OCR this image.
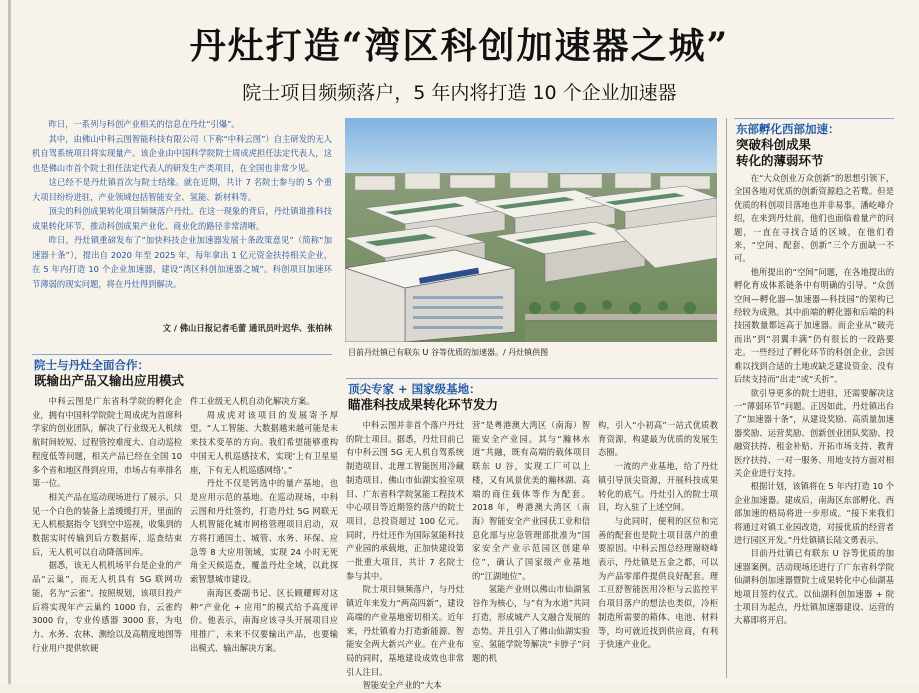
丹灶打造“湾区科创加速器之城”
院士项目频频落户，5 年内将打造 10 个企业加速器

昨日，一系列与科创产业相关的信息在丹灶“引爆”。

其中，由佛山中科云图智能科技有限公司（下称“中科云图”）自主研发的无人机自驾系统项目将实现量产。该企业由中国科学院院士周成虎担任法定代表人，这也是佛山市首个院士担任法定代表人的研发生产类项目，在全国也非常少见。

这已经不是丹灶镇首次与院士结缘。就在近期，共计 7 名院士参与的 5 个重大项目纷纷进驻，产业领域包括智能安全、氢能、新材料等。

顶尖的科创成果转化项目频频落户丹灶。在这一现象的背后，丹灶镇谁推科技成果转化环节，推动科创成果产业化、商业化的路径非常清晰。

昨日，丹灶镇重磅发布了“加快科技企业加速器发展十条政策意见”（简称“加速器十条”），提出自 2020 年至 2025 年，每年拿出 1 亿元资金扶持相关企业，在 5 年内打造 10 个企业加速器，建设“湾区科创加速器之城”。科创项目加速环节薄弱的现实问题，将在丹灶得到解决。

文 / 佛山日报记者毛蕾 通讯员叶迟华、张柏林
目前丹灶镇已有联东 U 谷等优质的加速器。/ 丹灶镇供图
院士与丹灶全面合作：
既输出产品又输出应用模式

中科云图是广东省科学院的孵化企业，拥有中国科学院院士周成虎为首席科学家的创业团队，解决了行业级无人机续航时间较短、过程管控难度大、自动巡检程度低等问题，相关产品已经在全国 10 多个省和地区得到应用，市场占有率排名第一位。

相关产品在巡动现场进行了展示。只见一个白色的装备上盖缓缓打开，里面的无人机根据指令飞到空中巡视，收集到的数据实时传输到后方数据库，巡查结束后，无人机可以自动降落回库。

据悉，该无人机机场平台是企业的产品“云巢”，而无人机具有 5G 联网功能，名为“云雀”。按照规划，该项目投产后将实现年产云巢约 1000 台，云雀约 3000 台，专业传感器 3000 套，为电力、水务、农林、测绘以及高精度地图等行业用户提供软硬

件工业级无人机自动化解决方案。

周成虎对该项目的发展寄予厚望。“人工智能、大数据越来越可能是未来技术变革的方向。我们希望能够重构中国无人机巡感技术，实现‘上有卫星星座，下有无人机巡感网络’。”

丹灶不仅是钙选中的量产基地，也是应用示范的基地。在巡动现场，中科云图和丹灶签约，打造丹灶 5G 网联无人机智能化城市网格管理项目启动，双方将打通国土、城管、水务、环保、应急等 8 大应用领域，实现 24 小时无死角全天候巡查，覆盖丹灶全域，以此探索智慧城市建设。

南海区委副书记、区长顾耀辉对这种“产业化 + 应用”的模式给予高度评价。他表示，南海应该寻头开展项目应用推广，未来不仅要输出产品，也要输出模式、输出解决方案。

顶尖专家 + 国家级基地：
瞄准科技成果转化环节发力

中科云图并非首个落户丹灶的院士项目。据悉，丹灶目前已有中科云图 5G 无人机自驾系统制造项目、北理工智能医用冷藏制造项目、佛山市仙湖实验室项目、广东省科学院氢能工程技术中心项目等近期签约落户的院士项目，总投资超过 100 亿元。同时，丹灶还作为国际氢能科技产业园的承载地，正加快建设第一批重大项目，共计 7 名院士参与其中。

院士项目频频落户，与丹灶镇近年来发力“两高四新”，建设高端的产业基地密切相关。近年来，丹灶镇着力打造新能源、智能安全两大新兴产业。在产业布局的同时，基地建设成效也非常引人注目。

智能安全产业的“大本

营”是粤港澳大湾区（南海）智能安全产业园。其与“瀚林水道”共融，既有高端的载体项目联东 U 谷，实现工厂可以上楼，又有风景优美的瀚林湖、高端的商住载体等作为配套。2018 年，粤港澳大湾区（南海）智能安全产业园获工业和信息化部与应急管理部批准为“国家安全产业示范园区创建单位”，确认了国家级产业基地的“江湖地位”。

氢能产业则以佛山市仙湖氢谷作为核心，与“有为水道”共同打造，形成城产人文融合发展的态势。并且引入了佛山仙湖实验室、氢能学院等解决“卡脖子”问题的机

构，引入“小初高”一站式优质教育资源，构建最为优质的发展生态圈。

一流的产业基地，给了丹灶镇引导顶尖资源，开展科技成果转化的底气。丹灶引入的院士项目，均入驻了上述空间。

与此同时，便利的区位和完善的配套也是院士项目落户的重要原因。中科云图总经理谢晓峰表示，丹灶镇是五金之都，可以为产品零部件提供良好配套。理工亘舒智能医用冷柜与云监控平台项目落户的想法也类似，冷柜制造所需要的箱体、电池、材料等，均可就近找到供应商，有利于快速产业化。

东部孵化西部加速：
突破科创成果
转化的薄弱环节

在“大众创业万众创新”的思想引领下，全国各地对优质的创新资源趋之若鹜。但是优质的科创项目落地也并非易事。潘屹峰介绍，在来到丹灶前，他们也面临着量产的问题，一直在寻找合适的区域，在他们看来，“空间、配套、创新”三个方面缺一不可。

他所提出的“空间”问题，在各地提出的孵化育成体系链条中有明确的引导。“众创空间—孵化器—加速器—科技园”的架构已经较为成熟。其中前端的孵化器和后端的科技园数量都远高于加速器。而企业从“破壳而出”到“羽翼丰满”仍有很长的一段路要走。一些经过了孵化环节的科创企业，会因难以找到合适的土地或缺乏建设资金、没有后续支持而“出走”或“夭折”。

欲引导更多的院士进驻，还需要解决这一“薄弱环节”问题。正因如此，丹灶镇出台了“加速器十条”，从建设奖励、高质量加速器奖励、运营奖励、创新创业团队奖励、投融资扶持、租金补贴、开拓市场支持、教育医疗扶持、一对一服务、用地支持方面对相关企业进行支持。

根据计划，该镇将在 5 年内打造 10 个企业加速器。建成后，南海区东部孵化、西部加速的格局将进一步形成。“接下来我们将通过对镇工业园改造，对接优质的经营者进行园区开发。”丹灶镇镇长陆文勇表示。

目前丹灶镇已有联东 U 谷等优质的加速器案例。活动现场还进行了广东省科学院仙湖科创加速器暨院士成果转化中心仙湖基地项目签约仪式。以仙湖科创加速器 + 院士项目为起点，丹灶镇加速器建设、运营的大幕即将开启。
